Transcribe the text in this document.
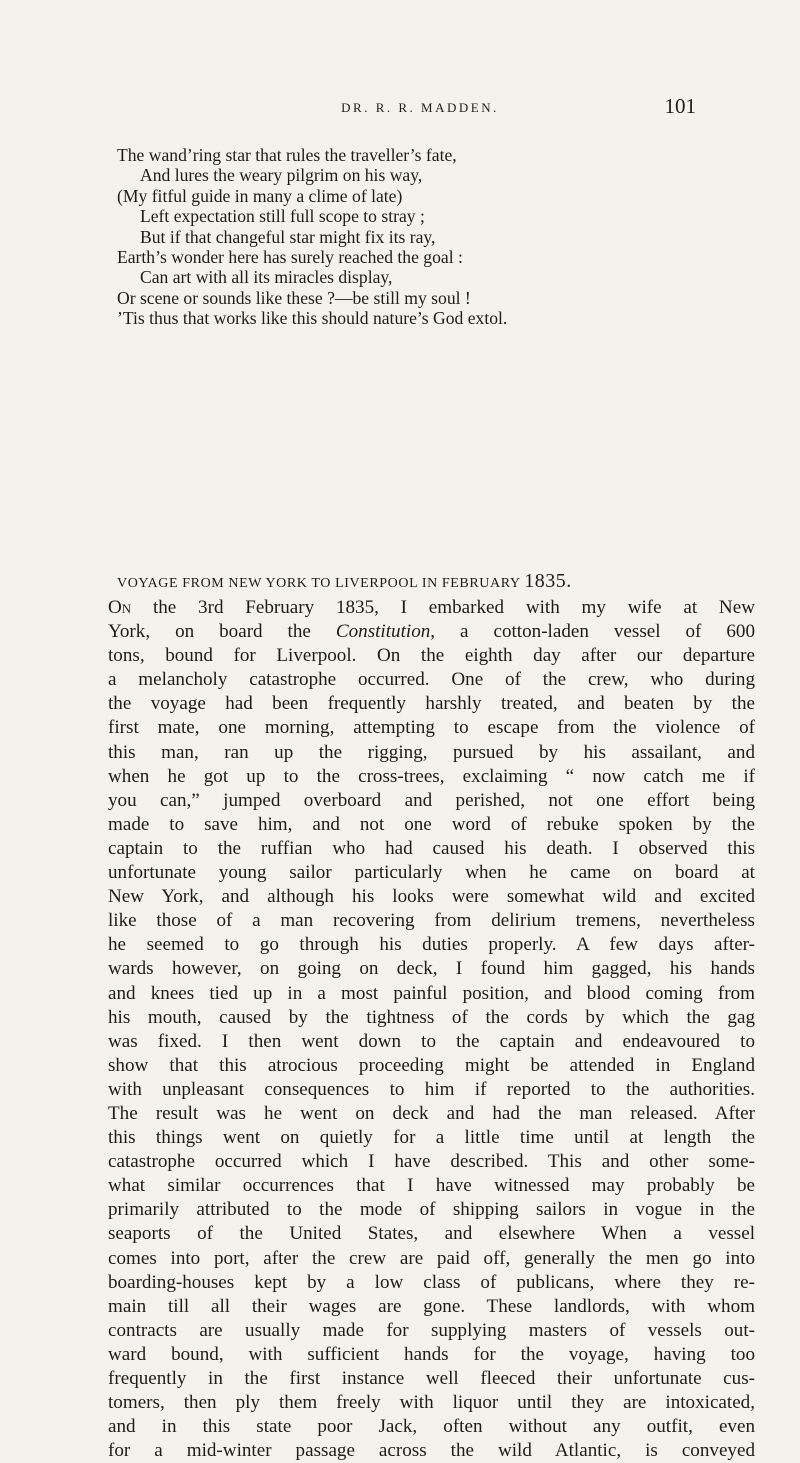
DR. R. R. MADDEN.	101
The wand’ring star that rules the traveller’s fate,
And lures the weary pilgrim on his way,
(My fitful guide in many a clime of late)
Left expectation still full scope to stray ;
But if that changeful star might fix its ray,
Earth’s wonder here has surely reached the goal :
Can art with all its miracles display,
Or scene or sounds like these ?—be still my soul !
’Tis thus that works like this should nature’s God extol.
VOYAGE FROM NEW YORK TO LIVERPOOL IN FEBRUARY 1835.
On the 3rd February 1835, I embarked with my wife at New
York, on board the Constitution, a cotton-laden vessel of 600
tons, bound for Liverpool. On the eighth day after our departure
a melancholy catastrophe occurred. One of the crew, who during
the voyage had been frequently harshly treated, and beaten by the
first mate, one morning, attempting to escape from the violence of
this man, ran up the rigging, pursued by his assailant, and
when he got up to the cross-trees, exclaiming “ now catch me if
you can,” jumped overboard and perished, not one effort being
made to save him, and not one word of rebuke spoken by the
captain to the ruffian who had caused his death. I observed this
unfortunate young sailor particularly when he came on board at
New York, and although his looks were somewhat wild and excited
like those of a man recovering from delirium tremens, nevertheless
he seemed to go through his duties properly. A few days after-
wards however, on going on deck, I found him gagged, his hands
and knees tied up in a most painful position, and blood coming from
his mouth, caused by the tightness of the cords by which the gag
was fixed. I then went down to the captain and endeavoured to
show that this atrocious proceeding might be attended in England
with unpleasant consequences to him if reported to the authorities.
The result was he went on deck and had the man released. After
this things went on quietly for a little time until at length the
catastrophe occurred which I have described. This and other some-
what similar occurrences that I have witnessed may probably be
primarily attributed to the mode of shipping sailors in vogue in the
seaports of the United States, and elsewhere When a vessel
comes into port, after the crew are paid off, generally the men go into
boarding-houses kept by a low class of publicans, where they re-
main till all their wages are gone. These landlords, with whom
contracts are usually made for supplying masters of vessels out-
ward bound, with sufficient hands for the voyage, having too
frequently in the first instance well fleeced their unfortunate cus-
tomers, then ply them freely with liquor until they are intoxicated,
and in this state poor Jack, often without any outfit, even
for a mid-winter passage across the wild Atlantic, is conveyed
